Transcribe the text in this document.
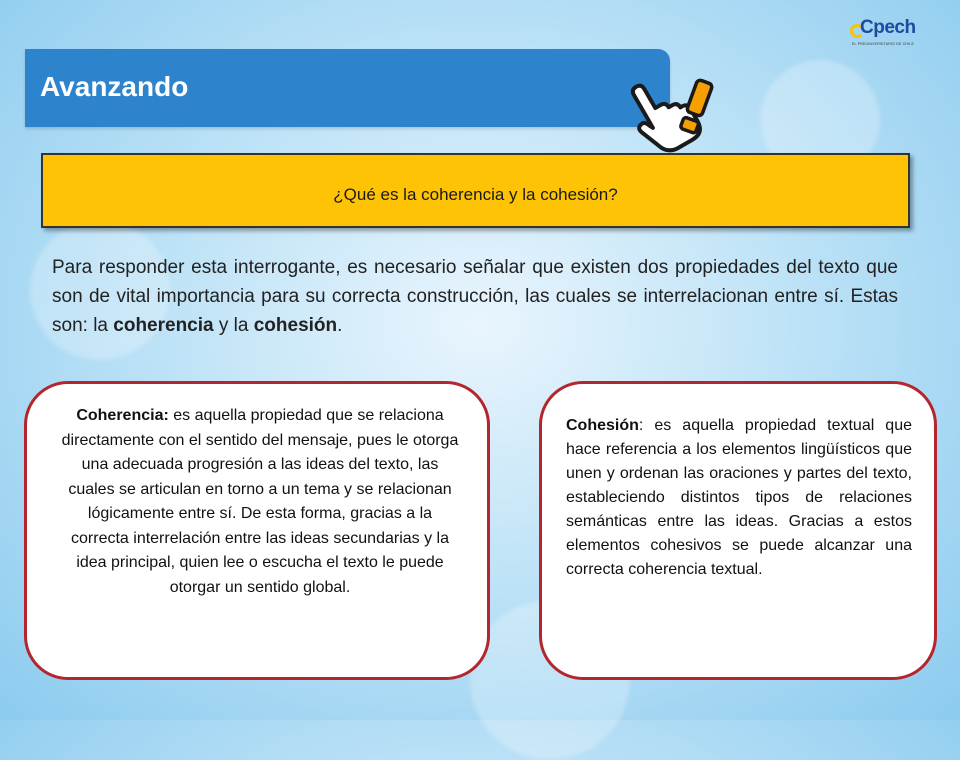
Cpech
EL PREUNIVERSITARIO DE CHILE
Avanzando
¿Qué es la coherencia y la cohesión?
Para responder esta interrogante, es necesario señalar que existen dos propiedades del texto que son de vital importancia para su correcta construcción, las cuales se interrelacionan entre sí. Estas son: la coherencia y la cohesión.
Coherencia: es aquella propiedad que se relaciona directamente con el sentido del mensaje, pues le otorga una adecuada progresión a las ideas del texto, las cuales se articulan en torno a un tema y se relacionan lógicamente entre sí. De esta forma, gracias a la correcta interrelación entre las ideas secundarias y la idea principal, quien lee o escucha el texto le puede otorgar un sentido global.
Cohesión: es aquella propiedad textual que hace referencia a los elementos lingüísticos que unen y ordenan las oraciones y partes del texto, estableciendo distintos tipos de relaciones semánticas entre las ideas. Gracias a estos elementos cohesivos se puede alcanzar una correcta coherencia textual.
